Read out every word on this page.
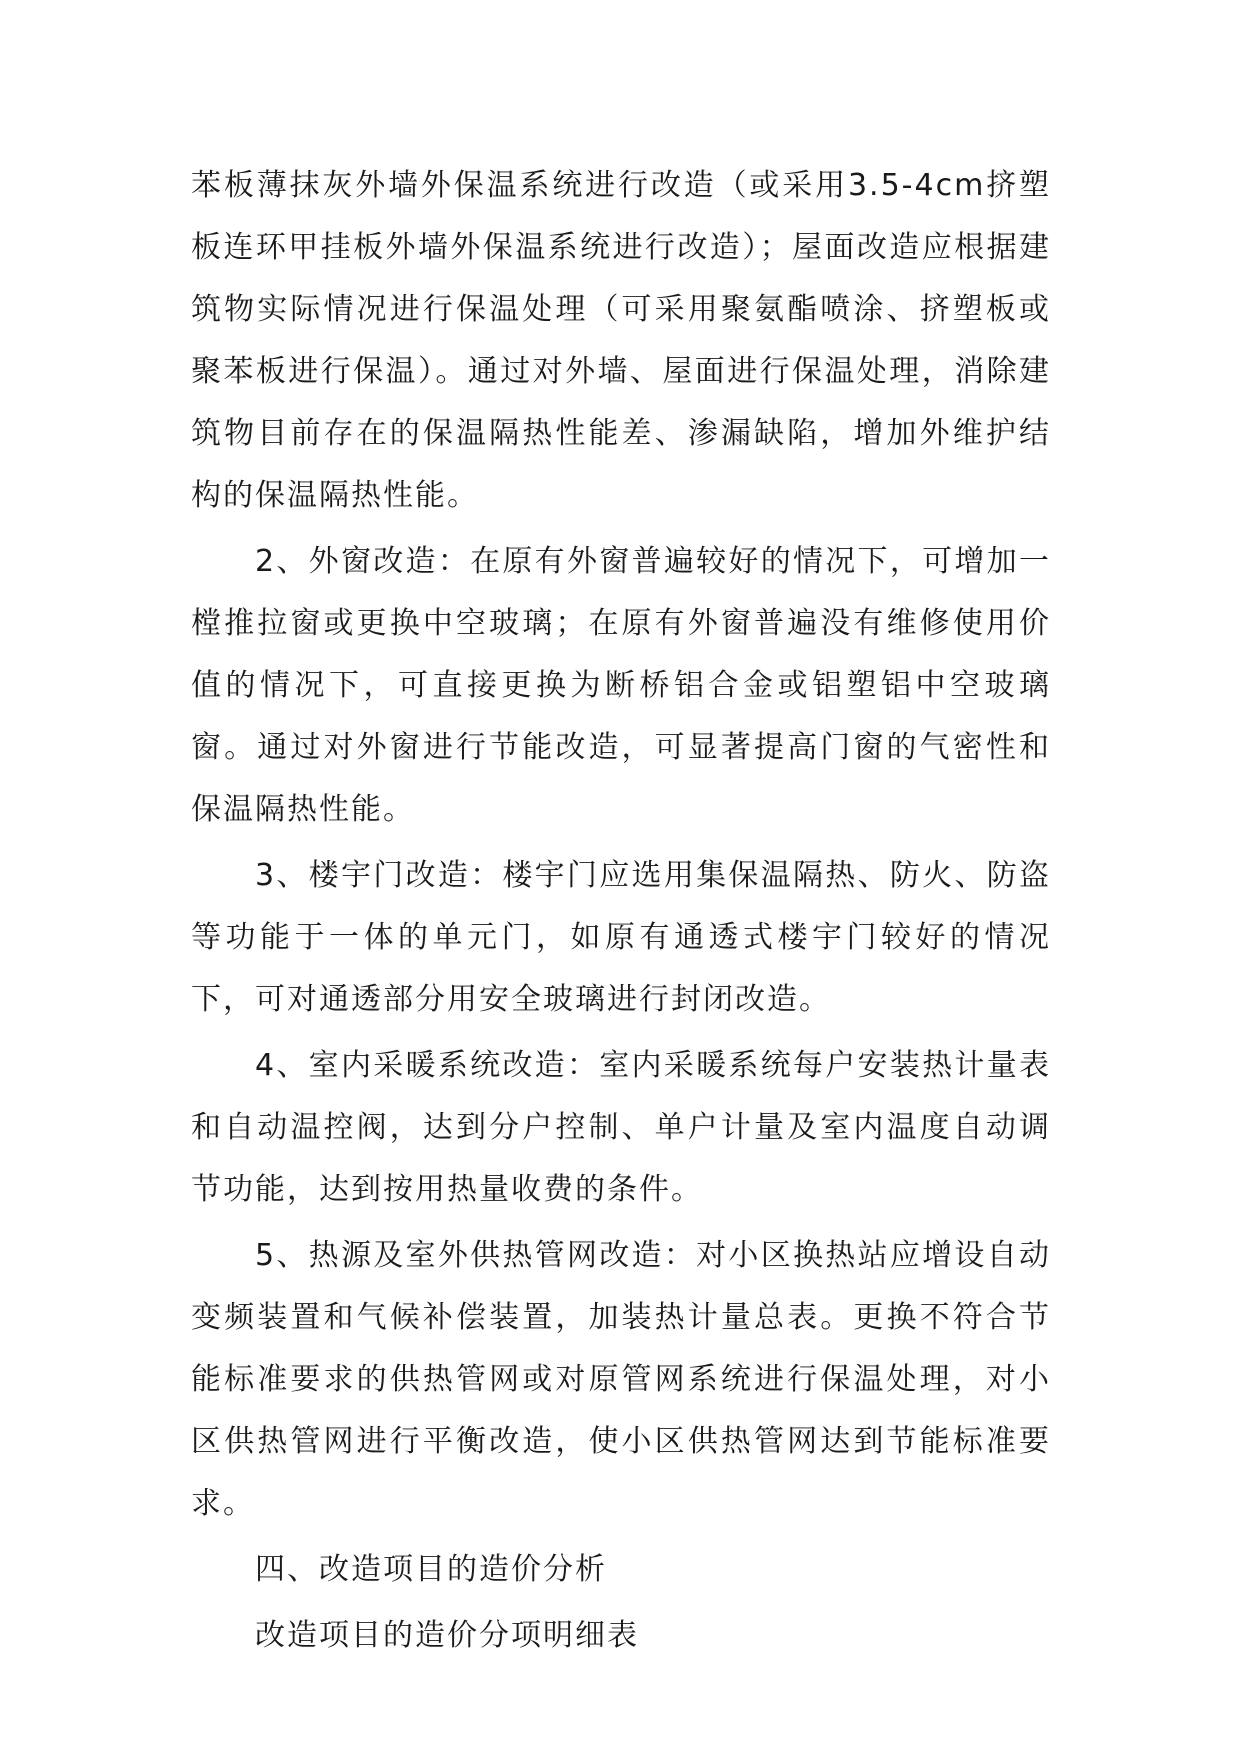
苯板薄抹灰外墙外保温系统进行改造（或采用3.5-4cm挤塑板连环甲挂板外墙外保温系统进行改造）；屋面改造应根据建筑物实际情况进行保温处理（可采用聚氨酯喷涂、挤塑板或聚苯板进行保温）。通过对外墙、屋面进行保温处理，消除建筑物目前存在的保温隔热性能差、渗漏缺陷，增加外维护结构的保温隔热性能。

2、外窗改造：在原有外窗普遍较好的情况下，可增加一樘推拉窗或更换中空玻璃；在原有外窗普遍没有维修使用价值的情况下，可直接更换为断桥铝合金或铝塑铝中空玻璃窗。通过对外窗进行节能改造，可显著提高门窗的气密性和保温隔热性能。

3、楼宇门改造：楼宇门应选用集保温隔热、防火、防盗等功能于一体的单元门，如原有通透式楼宇门较好的情况下，可对通透部分用安全玻璃进行封闭改造。

4、室内采暖系统改造：室内采暖系统每户安装热计量表和自动温控阀，达到分户控制、单户计量及室内温度自动调节功能，达到按用热量收费的条件。

5、热源及室外供热管网改造：对小区换热站应增设自动变频装置和气候补偿装置，加装热计量总表。更换不符合节能标准要求的供热管网或对原管网系统进行保温处理，对小区供热管网进行平衡改造，使小区供热管网达到节能标准要求。

四、改造项目的造价分析

改造项目的造价分项明细表
